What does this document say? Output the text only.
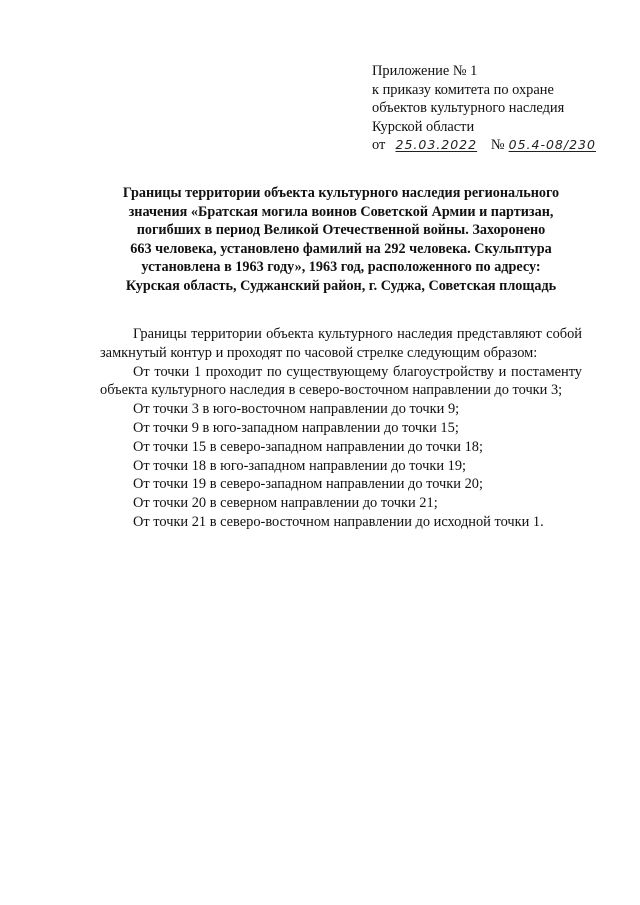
Приложение № 1
к приказу комитета по охране
объектов культурного наследия
Курской области
от 25.03.2022 № 05.4-08/230
Границы территории объекта культурного наследия регионального
значения «Братская могила воинов Советской Армии и партизан,
погибших в период Великой Отечественной войны. Захоронено
663 человека, установлено фамилий на 292 человека. Скульптура
установлена в 1963 году», 1963 год, расположенного по адресу:
Курская область, Суджанский район, г. Суджа, Советская площадь

Границы территории объекта культурного наследия представляют собой замкнутый контур и проходят по часовой стрелке следующим образом:

От точки 1 проходит по существующему благоустройству и постаменту объекта культурного наследия в северо-восточном направлении до точки 3;

От точки 3 в юго-восточном направлении до точки 9;

От точки 9 в юго-западном направлении до точки 15;

От точки 15 в северо-западном направлении до точки 18;

От точки 18 в юго-западном направлении до точки 19;

От точки 19 в северо-западном направлении до точки 20;

От точки 20 в северном направлении до точки 21;

От точки 21 в северо-восточном направлении до исходной точки 1.
